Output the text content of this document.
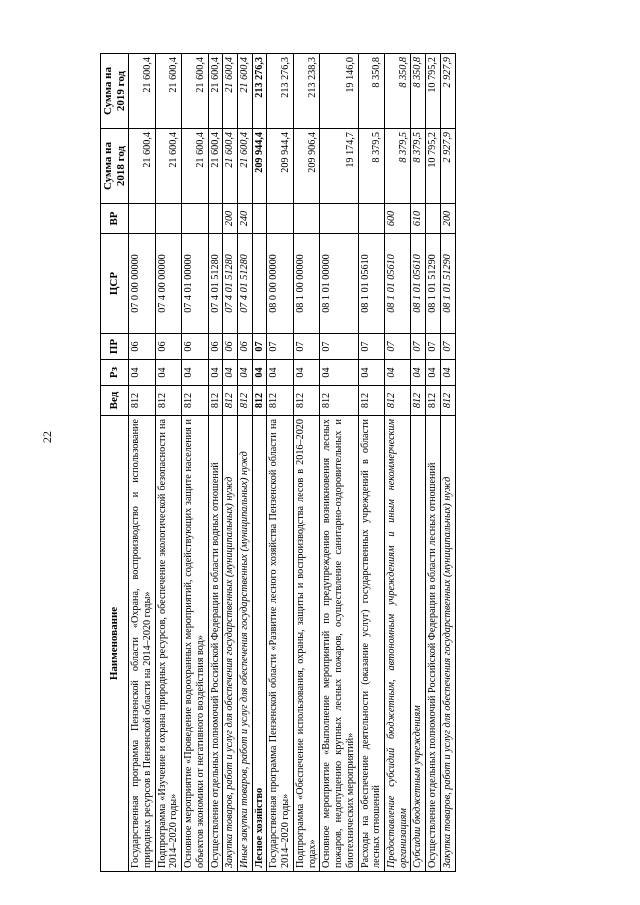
22
Наименование	Вед	Рз	ПР	ЦСР	ВР	Сумма на 2018 год	Сумма на 2019 год
Государственная программа Пензенской области «Охрана, воспроизводство и использование природных ресурсов в Пензенской области на 2014–2020 годы»	812	04	06	07 0 00 00000		21 600,4	21 600,4
Подпрограмма «Изучение и охрана природных ресурсов, обеспечение экологической безопасности на 2014–2020 годы»	812	04	06	07 4 00 00000		21 600,4	21 600,4
Основное мероприятие «Проведение водоохранных мероприятий, содействующих защите населения и объектов экономики от негативного воздействия вод»	812	04	06	07 4 01 00000		21 600,4	21 600,4
Осуществление отдельных полномочий Российской Федерации в области водных отношений	812	04	06	07 4 01 51280		21 600,4	21 600,4
Закупка товаров, работ и услуг для обеспечения государственных (муниципальных) нужд	812	04	06	07 4 01 51280	200	21 600,4	21 600,4
Иные закупки товаров, работ и услуг для обеспечения государственных (муниципальных) нужд	812	04	06	07 4 01 51280	240	21 600,4	21 600,4
Лесное хозяйство	812	04	07			209 944,4	213 276,3
Государственная программа Пензенской области «Развитие лесного хозяйства Пензенской области на 2014–2020 годы»	812	04	07	08 0 00 00000		209 944,4	213 276,3
Подпрограмма «Обеспечение использования, охраны, защиты и воспроизводства лесов в 2016–2020 годах»	812	04	07	08 1 00 00000		209 906,4	213 238,3
Основное мероприятие «Выполнение мероприятий по предупреждению возникновения лесных пожаров, недопущению крупных лесных пожаров, осуществление санитарно-оздоровительных и биотехнических мероприятий»	812	04	07	08 1 01 00000		19 174,7	19 146,0
Расходы на обеспечение деятельности (оказание услуг) государственных учреждений в области лесных отношений	812	04	07	08 1 01 05610		8 379,5	8 350,8
Предоставление субсидий бюджетным, автономным учреждениям и иным некоммерческим организациям	812	04	07	08 1 01 05610	600	8 379,5	8 350,8
Субсидии бюджетным учреждениям	812	04	07	08 1 01 05610	610	8 379,5	8 350,8
Осуществление отдельных полномочий Российской Федерации в области лесных отношений	812	04	07	08 1 01 51290		10 795,2	10 795,2
Закупка товаров, работ и услуг для обеспечения государственных (муниципальных) нужд	812	04	07	08 1 01 51290	200	2 927,9	2 927,9
